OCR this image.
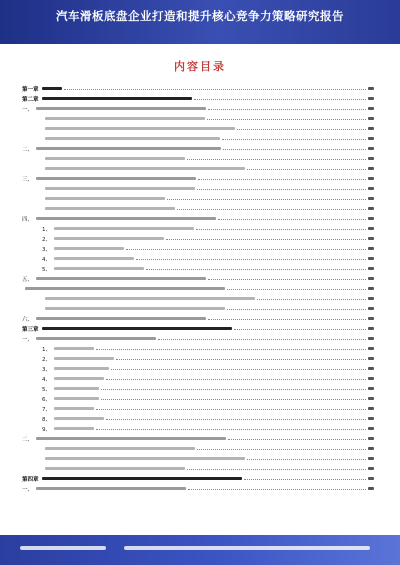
汽车滑板底盘企业打造和提升核心竞争力策略研究报告
内容目录
第一章
第二章
一、
二、
三、
四、
1、
2、
3、
4、
5、
五、
六、
第三章
一、
1、
2、
3、
4、
5、
6、
7、
8、
9、
二、
第四章
一、
